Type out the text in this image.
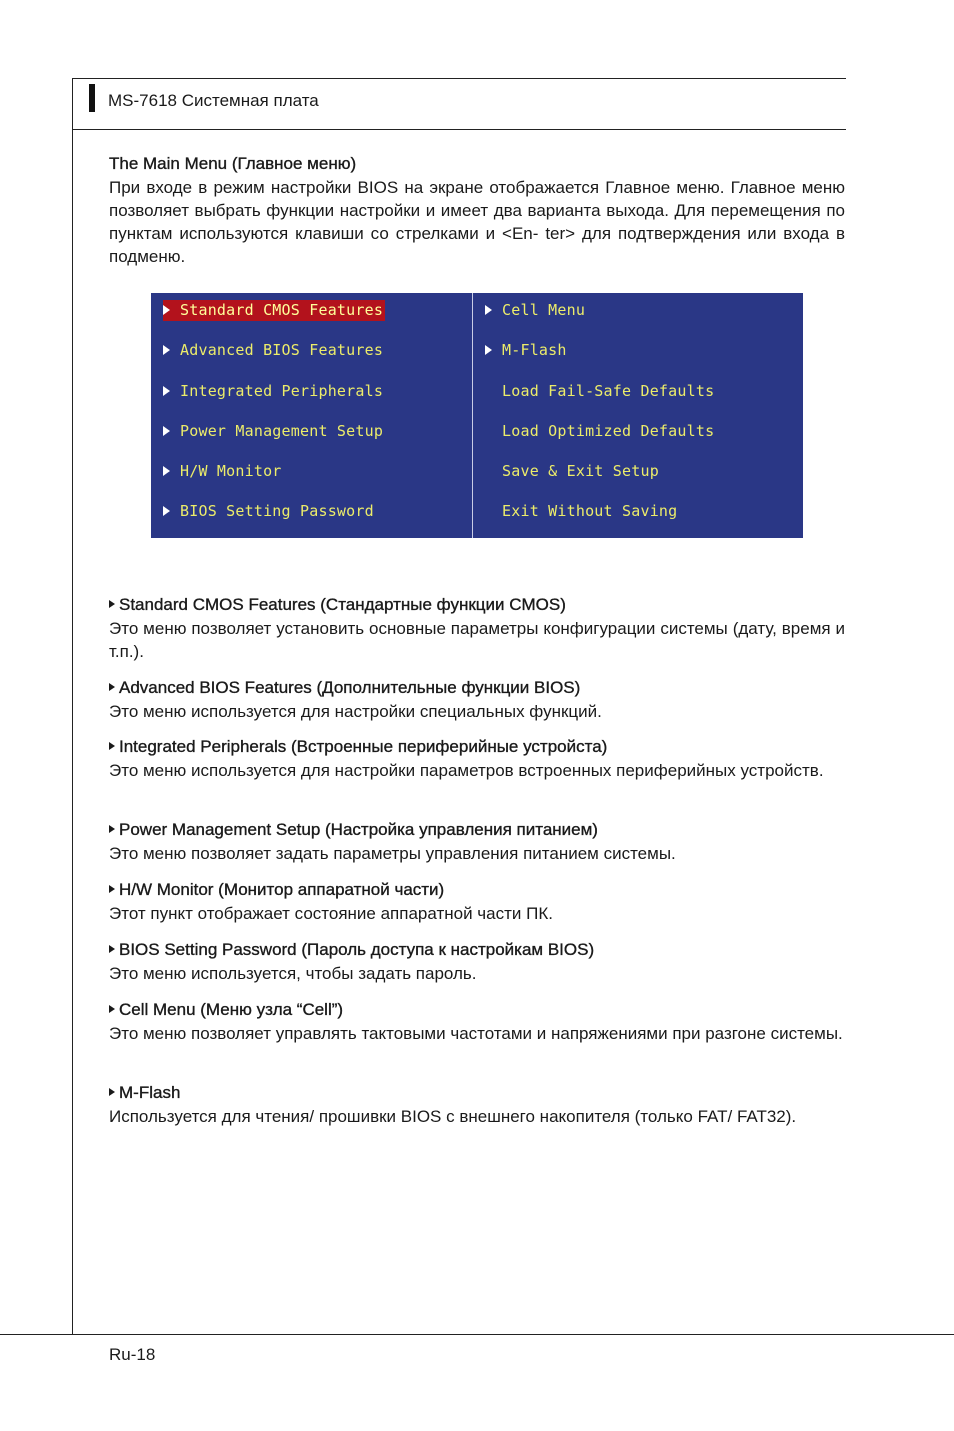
MS-7618 Системная плата

The Main Menu (Главное меню)

При входе в режим настройки BIOS на экране отображается Главное меню. Главное меню позволяет выбрать функции настройки и имеет два варианта выхода. Для перемещения по пунктам используются клавиши со стрелками и <En- ter> для подтверждения или входа в подменю.

Standard CMOS Features
Advanced BIOS Features
Integrated Peripherals
Power Management Setup
H/W Monitor
BIOS Setting Password
Cell Menu
M-Flash
Load Fail-Safe Defaults
Load Optimized Defaults
Save & Exit Setup
Exit Without Saving

Standard CMOS Features (Стандартные функции CMOS)

Это меню позволяет установить основные параметры конфигурации системы (дату, время и т.п.).

Advanced BIOS Features (Дополнительные функции BIOS)

Это меню используется для настройки специальных функций.

Integrated Peripherals (Встроенные периферийные устройста)

Это меню используется для настройки параметров встроенных периферийных устройств.

Power Management Setup (Настройка управления питанием)

Это меню позволяет задать параметры управления питанием системы.

H/W Monitor (Монитор аппаратной части)

Этот пункт отображает состояние аппаратной части ПК.

BIOS Setting Password (Пароль доступа к настройкам BIOS)

Это меню используется, чтобы задать пароль.

Cell Menu (Меню узла “Cell”)

Это меню позволяет управлять тактовыми частотами и напряжениями при разгоне системы.

M-Flash

Используется для чтения/ прошивки BIOS с внешнего накопителя (только FAT/ FAT32).

Ru-18
